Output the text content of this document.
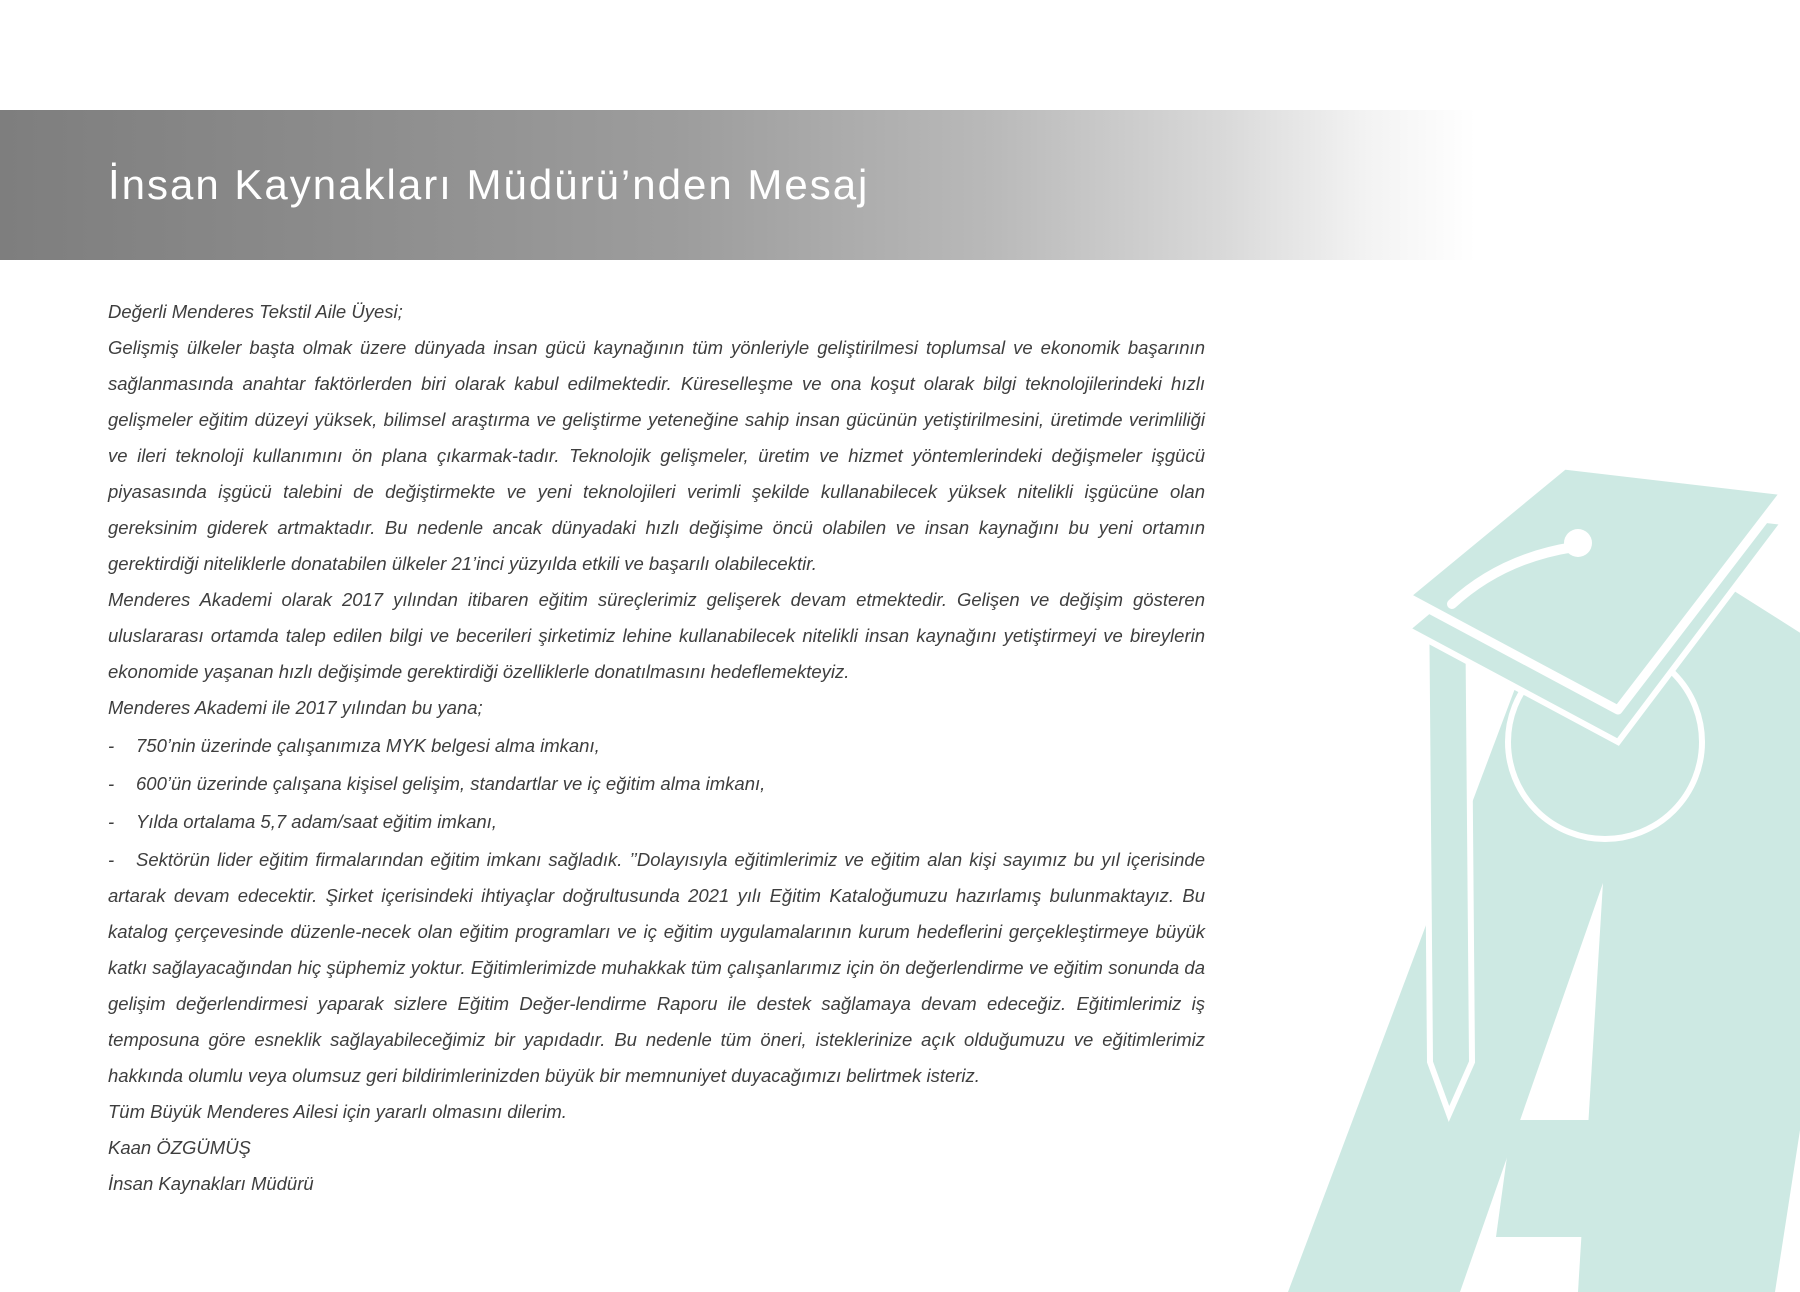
İnsan Kaynakları Müdürü’nden Mesaj

Değerli Menderes Tekstil Aile Üyesi;

Gelişmiş ülkeler başta olmak üzere dünyada insan gücü kaynağının tüm yönleriyle geliştirilmesi toplumsal ve ekonomik başarının sağlanmasında anahtar faktörlerden biri olarak kabul edilmektedir. Küreselleşme ve ona koşut olarak bilgi teknolojilerindeki hızlı gelişmeler eğitim düzeyi yüksek, bilimsel araştırma ve geliştirme yeteneğine sahip insan gücünün yetiştirilmesini, üretimde verimliliği ve ileri teknoloji kullanımını ön plana çıkarmak-tadır. Teknolojik gelişmeler, üretim ve hizmet yöntemlerindeki değişmeler işgücü piyasasında işgücü talebini de değiştirmekte ve yeni teknolojileri verimli şekilde kullanabilecek yüksek nitelikli işgücüne olan gereksinim giderek artmaktadır. Bu nedenle ancak dünyadaki hızlı değişime öncü olabilen ve insan kaynağını bu yeni ortamın gerektirdiği niteliklerle donatabilen ülkeler 21’inci yüzyılda etkili ve başarılı olabilecektir.

Menderes Akademi olarak 2017 yılından itibaren eğitim süreçlerimiz gelişerek devam etmektedir. Gelişen ve değişim gösteren uluslararası ortamda talep edilen bilgi ve becerileri şirketimiz lehine kullanabilecek nitelikli insan kaynağını yetiştirmeyi ve bireylerin ekonomide yaşanan hızlı değişimde gerektirdiği özelliklerle donatılmasını hedeflemekteyiz.

Menderes Akademi ile 2017 yılından bu yana;

- 750’nin üzerinde çalışanımıza MYK belgesi alma imkanı,

- 600’ün üzerinde çalışana kişisel gelişim, standartlar ve iç eğitim alma imkanı,

- Yılda ortalama 5,7 adam/saat eğitim imkanı,

- Sektörün lider eğitim firmalarından eğitim imkanı sağladık. ’’Dolayısıyla eğitimlerimiz ve eğitim alan kişi sayımız bu yıl içerisinde artarak devam edecektir. Şirket içerisindeki ihtiyaçlar doğrultusunda 2021 yılı Eğitim Kataloğumuzu hazırlamış bulunmaktayız. Bu katalog çerçevesinde düzenle-necek olan eğitim programları ve iç eğitim uygulamalarının kurum hedeflerini gerçekleştirmeye büyük katkı sağlayacağından hiç şüphemiz yoktur. Eğitimlerimizde muhakkak tüm çalışanlarımız için ön değerlendirme ve eğitim sonunda da gelişim değerlendirmesi yaparak sizlere Eğitim Değer-lendirme Raporu ile destek sağlamaya devam edeceğiz. Eğitimlerimiz iş temposuna göre esneklik sağlayabileceğimiz bir yapıdadır. Bu nedenle tüm öneri, isteklerinize açık olduğumuzu ve eğitimlerimiz hakkında olumlu veya olumsuz geri bildirimlerinizden büyük bir memnuniyet duyacağımızı belirtmek isteriz.

Tüm Büyük Menderes Ailesi için yararlı olmasını dilerim.

Kaan ÖZGÜMÜŞ

İnsan Kaynakları Müdürü
